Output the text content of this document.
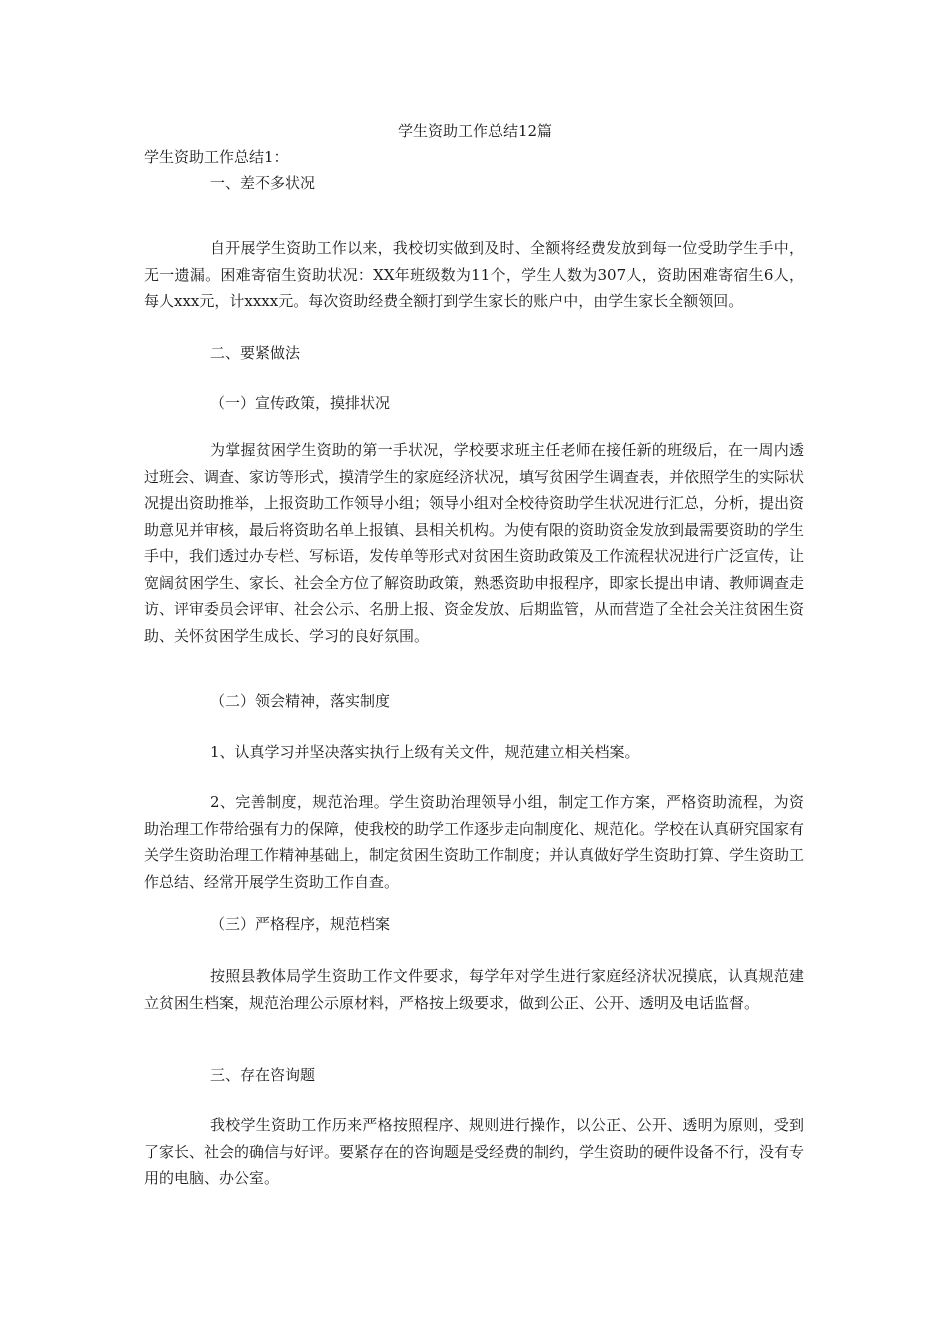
学生资助工作总结12篇
学生资助工作总结1：
一、差不多状况
自开展学生资助工作以来，我校切实做到及时、全额将经费发放到每一位受助学生手中，无一遗漏。困难寄宿生资助状况：XX年班级数为11个，学生人数为307人，资助困难寄宿生6人，每人xxx元，计xxxx元。每次资助经费全额打到学生家长的账户中，由学生家长全额领回。
二、要紧做法
（一）宣传政策，摸排状况
为掌握贫困学生资助的第一手状况，学校要求班主任老师在接任新的班级后，在一周内透过班会、调查、家访等形式，摸清学生的家庭经济状况，填写贫困学生调查表，并依照学生的实际状况提出资助推举，上报资助工作领导小组；领导小组对全校待资助学生状况进行汇总，分析，提出资助意见并审核，最后将资助名单上报镇、县相关机构。为使有限的资助资金发放到最需要资助的学生手中，我们透过办专栏、写标语，发传单等形式对贫困生资助政策及工作流程状况进行广泛宣传，让宽阔贫困学生、家长、社会全方位了解资助政策，熟悉资助申报程序，即家长提出申请、教师调查走访、评审委员会评审、社会公示、名册上报、资金发放、后期监管，从而营造了全社会关注贫困生资助、关怀贫困学生成长、学习的良好氛围。
（二）领会精神，落实制度
1、认真学习并坚决落实执行上级有关文件，规范建立相关档案。
2、完善制度，规范治理。学生资助治理领导小组，制定工作方案，严格资助流程，为资助治理工作带给强有力的保障，使我校的助学工作逐步走向制度化、规范化。学校在认真研究国家有关学生资助治理工作精神基础上，制定贫困生资助工作制度；并认真做好学生资助打算、学生资助工作总结、经常开展学生资助工作自查。
（三）严格程序，规范档案
按照县教体局学生资助工作文件要求，每学年对学生进行家庭经济状况摸底，认真规范建立贫困生档案，规范治理公示原材料，严格按上级要求，做到公正、公开、透明及电话监督。
三、存在咨询题
我校学生资助工作历来严格按照程序、规则进行操作，以公正、公开、透明为原则，受到了家长、社会的确信与好评。要紧存在的咨询题是受经费的制约，学生资助的硬件设备不行，没有专用的电脑、办公室。
